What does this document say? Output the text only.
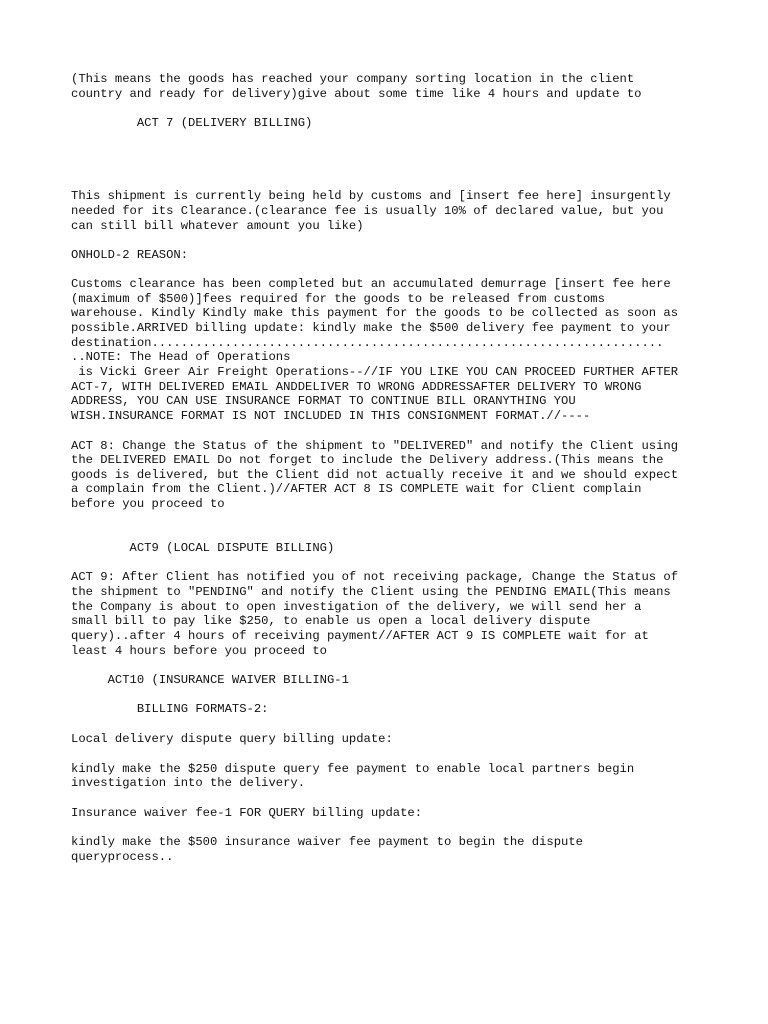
(This means the goods has reached your company sorting location in the client
country and ready for delivery)give about some time like 4 hours and update to
ACT 7 (DELIVERY BILLING)
This shipment is currently being held by customs and [insert fee here] insurgently
needed for its Clearance.(clearance fee is usually 10% of declared value, but you
can still bill whatever amount you like)
ONHOLD-2 REASON:
Customs clearance has been completed but an accumulated demurrage [insert fee here
(maximum of $500)]fees required for the goods to be released from customs
warehouse. Kindly Kindly make this payment for the goods to be collected as soon as
possible.ARRIVED billing update: kindly make the $500 delivery fee payment to your
destination......................................................................
..NOTE: The Head of Operations
is Vicki Greer Air Freight Operations--//IF YOU LIKE YOU CAN PROCEED FURTHER AFTER
ACT-7, WITH DELIVERED EMAIL ANDDELIVER TO WRONG ADDRESSAFTER DELIVERY TO WRONG
ADDRESS, YOU CAN USE INSURANCE FORMAT TO CONTINUE BILL ORANYTHING YOU
WISH.INSURANCE FORMAT IS NOT INCLUDED IN THIS CONSIGNMENT FORMAT.//----
ACT 8: Change the Status of the shipment to "DELIVERED" and notify the Client using
the DELIVERED EMAIL Do not forget to include the Delivery address.(This means the
goods is delivered, but the Client did not actually receive it and we should expect
a complain from the Client.)//AFTER ACT 8 IS COMPLETE wait for Client complain
before you proceed to
ACT9 (LOCAL DISPUTE BILLING)
ACT 9: After Client has notified you of not receiving package, Change the Status of
the shipment to "PENDING" and notify the Client using the PENDING EMAIL(This means
the Company is about to open investigation of the delivery, we will send her a
small bill to pay like $250, to enable us open a local delivery dispute
query)..after 4 hours of receiving payment//AFTER ACT 9 IS COMPLETE wait for at
least 4 hours before you proceed to
ACT10 (INSURANCE WAIVER BILLING-1
BILLING FORMATS-2:
Local delivery dispute query billing update:
kindly make the $250 dispute query fee payment to enable local partners begin
investigation into the delivery.
Insurance waiver fee-1 FOR QUERY billing update:
kindly make the $500 insurance waiver fee payment to begin the dispute
queryprocess..
